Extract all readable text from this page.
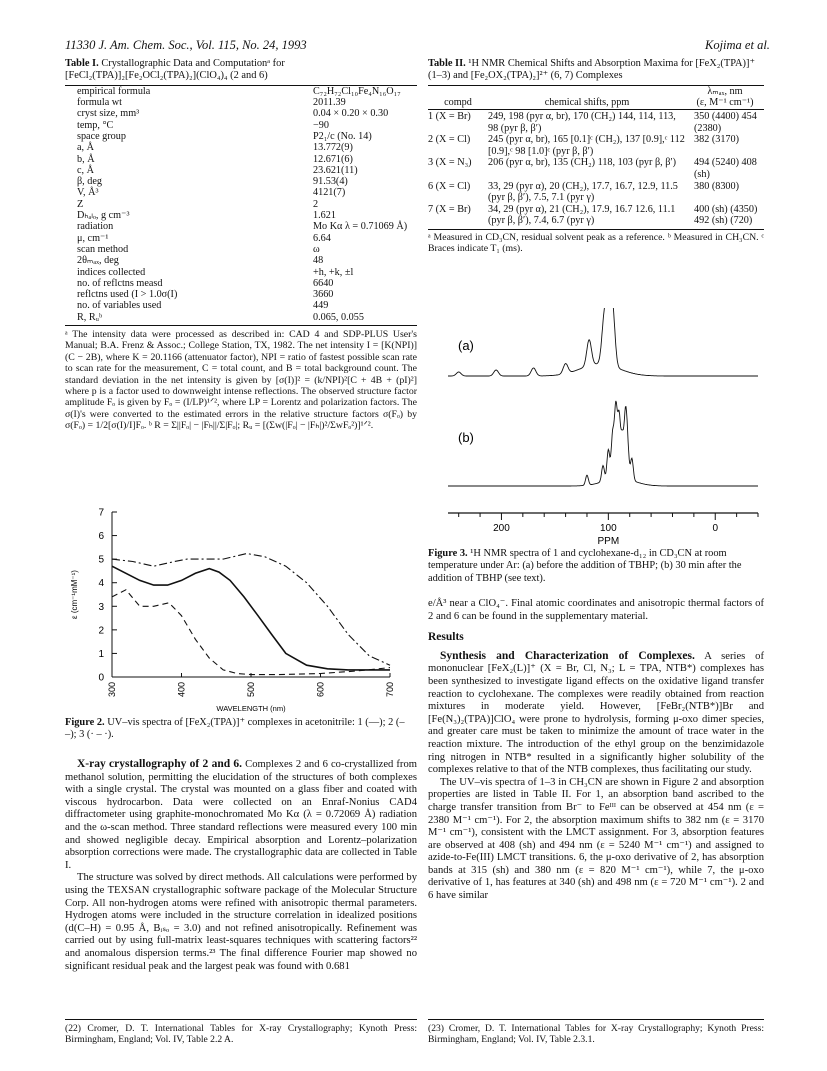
11330 J. Am. Chem. Soc., Vol. 115, No. 24, 1993	Kojima et al.
Table I. Crystallographic Data and Computationᵃ for [FeCl₂(TPA)]₂[Fe₂OCl₂(TPA)₂](ClO₄)₄ (2 and 6)
empirical formula	C₇₂H₇₂Cl₁₀Fe₄N₁₆O₁₇
formula wt	2011.39
cryst size, mm³	0.04 × 0.20 × 0.30
temp, °C	−90
space group	P2₁/c (No. 14)
a, Å	13.772(9)
b, Å	12.671(6)
c, Å	23.621(11)
β, deg	91.53(4)
V, Å³	4121(7)
Z	2
Dₕₐₗₒ, g cm⁻³	1.621
radiation	Mo Kα λ = 0.71069 Å)
μ, cm⁻¹	6.64
scan method	ω
2θₘₐₓ, deg	48
indices collected	+h, +k, ±l
no. of reflctns measd	6640
reflctns used (I > 1.0σ(I)	3660
no. of variables used	449
R, Rᵤᵇ	0.065, 0.055
ᵃ The intensity data were processed as described in: CAD 4 and SDP-PLUS User's Manual; B.A. Frenz & Assoc.; College Station, TX, 1982. The net intensity I = [K(NPI)](C − 2B), where K = 20.1166 (attenuator factor), NPI = ratio of fastest possible scan rate to scan rate for the measurement, C = total count, and B = total background count. The standard deviation in the net intensity is given by [σ(I)]² = (k/NPI)²[C + 4B + (pI)²] where p is a factor used to downweight intense reflections. The observed structure factor amplitude Fₒ is given by Fₒ = (I/LP)¹ᐟ², where LP = Lorentz and polarization factors. The σ(I)'s were converted to the estimated errors in the relative structure factors σ(Fₒ) by σ(Fₒ) = 1/2[σ(I)/I]Fₒ. ᵇ R = Σ||Fₒ| − |Fₕ||/Σ|Fₒ|; Rᵤ = [(Σw(|Fₒ| − |Fₕ|)²/ΣwFₒ²)]¹ᐟ².
0
1
2
3
4
5
6
7
300	400	500	600	700
ε (cm⁻¹mM⁻¹)
WAVELENGTH (nm)
Figure 2. UV–vis spectra of [FeX₂(TPA)]⁺ complexes in acetonitrile: 1 (—); 2 (– –); 3 (· – ·).

X-ray crystallography of 2 and 6. Complexes 2 and 6 co-crystallized from methanol solution, permitting the elucidation of the structures of both complexes with a single crystal. The crystal was mounted on a glass fiber and coated with viscous hydrocarbon. Data were collected on an Enraf-Nonius CAD4 diffractometer using graphite-monochromated Mo Kα (λ = 0.72069 Å) radiation and the ω-scan method. Three standard reflections were measured every 100 min and showed negligible decay. Empirical absorption and Lorentz–polarization absorption corrections were made. The crystallographic data are collected in Table I.

The structure was solved by direct methods. All calculations were performed by using the TEXSAN crystallographic software package of the Molecular Structure Corp. All non-hydrogen atoms were refined with anisotropic thermal parameters. Hydrogen atoms were included in the structure correlation in idealized positions (d(C–H) = 0.95 Å, Bᵢₛₒ = 3.0) and not refined anisotropically. Refinement was carried out by using full-matrix least-squares techniques with scattering factors²² and anomalous dispersion terms.²³ The final difference Fourier map showed no significant residual peak and the largest peak was found with 0.681

(22) Cromer, D. T. International Tables for X-ray Crystallography; Kynoth Press: Birmingham, England; Vol. IV, Table 2.2 A.
Table II. ¹H NMR Chemical Shifts and Absorption Maxima for [FeX₂(TPA)]⁺ (1–3) and [Fe₂OX₂(TPA)₂]²⁺ (6, 7) Complexes
compd	chemical shifts, ppm	λₘₐₓ, nm
(ε, M⁻¹ cm⁻¹)

1 (X = Br)	249, 198 (pyr α, br), 170 (CH₂) 144, 114, 113, 98 (pyr β, β′)	350 (4400) 454 (2380)
2 (X = Cl)	245 (pyr α, br), 165 [0.1]ᶜ (CH₂), 137 [0.9],ᶜ 112 [0.9],ᶜ 98 [1.0]ᶜ (pyr β, β′)	382 (3170)
3 (X = N₃)	206 (pyr α, br), 135 (CH₂) 118, 103 (pyr β, β′)	494 (5240) 408 (sh)
6 (X = Cl)	33, 29 (pyr α), 20 (CH₂), 17.7, 16.7, 12.9, 11.5 (pyr β, β′), 7.5, 7.1 (pyr γ)	380 (8300)
7 (X = Br)	34, 29 (pyr α), 21 (CH₂), 17.9, 16.7 12.6, 11.1 (pyr β, β′), 7.4, 6.7 (pyr γ)	400 (sh) (4350) 492 (sh) (720)
ᵃ Measured in CD₃CN, residual solvent peak as a reference. ᵇ Measured in CH₃CN. ᶜ Braces indicate T₁ (ms).
(a)
(b)
200	100	0
PPM
Figure 3. ¹H NMR spectra of 1 and cyclohexane-d₁₂ in CD₃CN at room temperature under Ar: (a) before the addition of TBHP; (b) 30 min after the addition of TBHP (see text).

e/Å³ near a ClO₄⁻. Final atomic coordinates and anisotropic thermal factors of 2 and 6 can be found in the supplementary material.

Results

Synthesis and Characterization of Complexes. A series of mononuclear [FeX₂(L)]⁺ (X = Br, Cl, N₃; L = TPA, NTB*) complexes has been synthesized to investigate ligand effects on the oxidative ligand transfer reaction to cyclohexane. The complexes were readily obtained from reaction mixtures in moderate yield. However, [FeBr₂(NTB*)]Br and [Fe(N₃)₂(TPA)]ClO₄ were prone to hydrolysis, forming μ-oxo dimer species, and greater care must be taken to minimize the amount of trace water in the reaction mixture. The introduction of the ethyl group on the benzimidazole ring nitrogen in NTB* resulted in a significantly higher solubility of the complexes relative to that of the NTB complexes, thus facilitating our study.

The UV–vis spectra of 1–3 in CH₃CN are shown in Figure 2 and absorption properties are listed in Table II. For 1, an absorption band ascribed to the charge transfer transition from Br⁻ to Feᴵᴵᴵ can be observed at 454 nm (ε = 2380 M⁻¹ cm⁻¹). For 2, the absorption maximum shifts to 382 nm (ε = 3170 M⁻¹ cm⁻¹), consistent with the LMCT assignment. For 3, absorption features are observed at 408 (sh) and 494 nm (ε = 5240 M⁻¹ cm⁻¹) and assigned to azide-to-Fe(III) LMCT transitions. 6, the μ-oxo derivative of 2, has absorption bands at 315 (sh) and 380 nm (ε = 820 M⁻¹ cm⁻¹), while 7, the μ-oxo derivative of 1, has features at 340 (sh) and 498 nm (ε = 720 M⁻¹ cm⁻¹). 2 and 6 have similar

(23) Cromer, D. T. International Tables for X-ray Crystallography; Kynoth Press: Birmingham, England; Vol. IV, Table 2.3.1.
